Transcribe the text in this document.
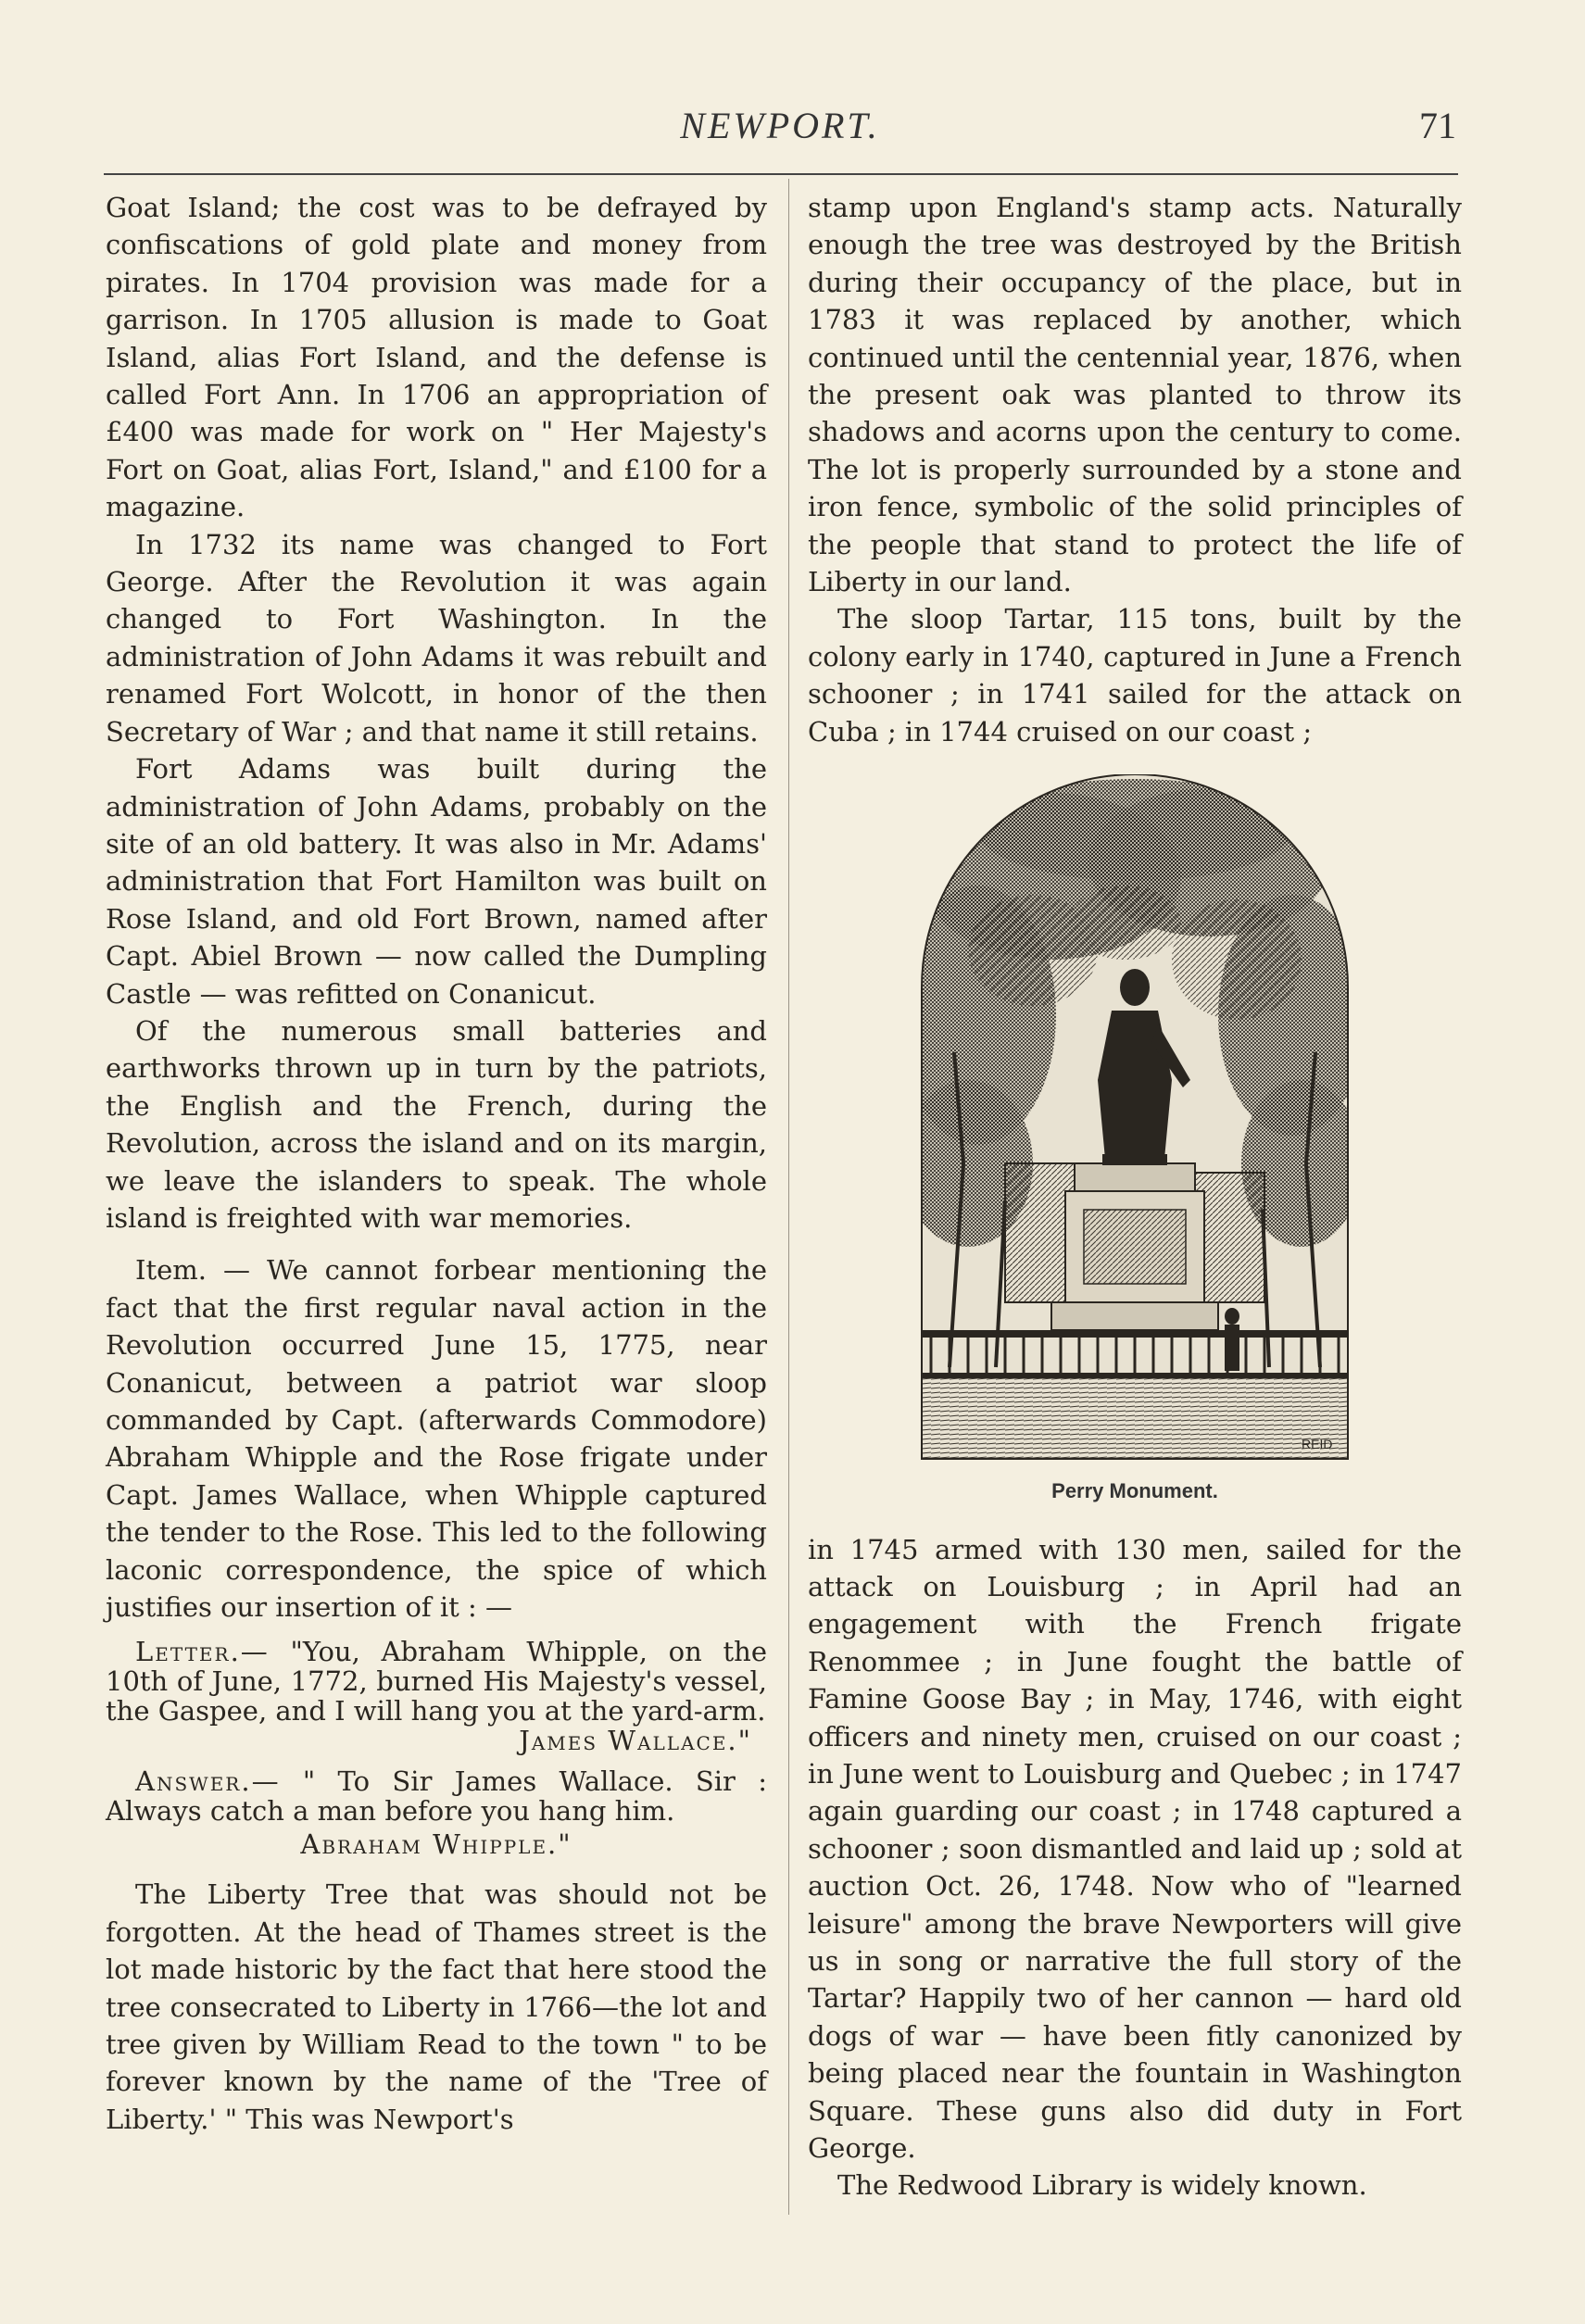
NEWPORT.	71

Goat Island; the cost was to be defrayed by confiscations of gold plate and money from pirates. In 1704 provision was made for a garrison. In 1705 allusion is made to Goat Island, alias Fort Island, and the defense is called Fort Ann. In 1706 an appropriation of £400 was made for work on " Her Majesty's Fort on Goat, alias Fort, Island," and £100 for a magazine.

In 1732 its name was changed to Fort George. After the Revolution it was again changed to Fort Washington. In the administration of John Adams it was rebuilt and renamed Fort Wolcott, in honor of the then Secretary of War ; and that name it still retains.

Fort Adams was built during the administration of John Adams, probably on the site of an old battery. It was also in Mr. Adams' administration that Fort Hamilton was built on Rose Island, and old Fort Brown, named after Capt. Abiel Brown — now called the Dumpling Castle — was refitted on Conanicut.

Of the numerous small batteries and earthworks thrown up in turn by the patriots, the English and the French, during the Revolution, across the island and on its margin, we leave the islanders to speak. The whole island is freighted with war memories.

Item. — We cannot forbear mentioning the fact that the first regular naval action in the Revolution occurred June 15, 1775, near Conanicut, between a patriot war sloop commanded by Capt. (afterwards Commodore) Abraham Whipple and the Rose frigate under Capt. James Wallace, when Whipple captured the tender to the Rose. This led to the following laconic correspondence, the spice of which justifies our insertion of it : —

Letter.— "You, Abraham Whipple, on the 10th of June, 1772, burned His Majesty's vessel, the Gaspee, and I will hang you at the yard-arm.

James Wallace."

Answer.— " To Sir James Wallace. Sir : Always catch a man before you hang him.

Abraham Whipple."

The Liberty Tree that was should not be forgotten. At the head of Thames street is the lot made historic by the fact that here stood the tree consecrated to Liberty in 1766—the lot and tree given by William Read to the town " to be forever known by the name of the 'Tree of Liberty.' " This was Newport's

stamp upon England's stamp acts. Naturally enough the tree was destroyed by the British during their occupancy of the place, but in 1783 it was replaced by another, which continued until the centennial year, 1876, when the present oak was planted to throw its shadows and acorns upon the century to come. The lot is properly surrounded by a stone and iron fence, symbolic of the solid principles of the people that stand to protect the life of Liberty in our land.

The sloop Tartar, 115 tons, built by the colony early in 1740, captured in June a French schooner ; in 1741 sailed for the attack on Cuba ; in 1744 cruised on our coast ;

REID
Perry Monument.

in 1745 armed with 130 men, sailed for the attack on Louisburg ; in April had an engagement with the French frigate Renommee ; in June fought the battle of Famine Goose Bay ; in May, 1746, with eight officers and ninety men, cruised on our coast ; in June went to Louisburg and Quebec ; in 1747 again guarding our coast ; in 1748 captured a schooner ; soon dismantled and laid up ; sold at auction Oct. 26, 1748. Now who of "learned leisure" among the brave Newporters will give us in song or narrative the full story of the Tartar? Happily two of her cannon — hard old dogs of war — have been fitly canonized by being placed near the fountain in Washington Square. These guns also did duty in Fort George.

The Redwood Library is widely known.
